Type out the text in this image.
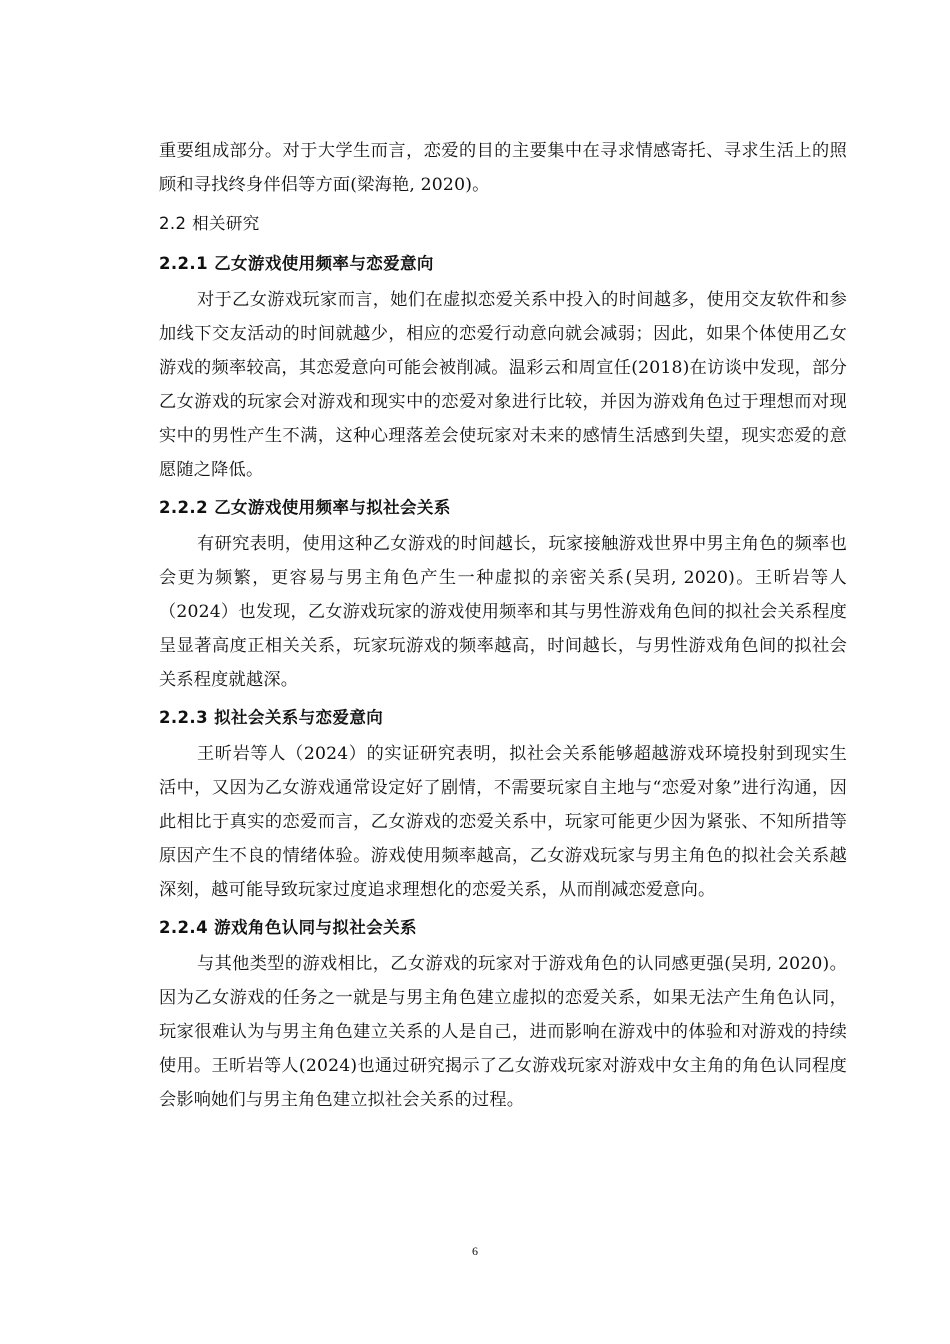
重要组成部分。对于大学生而言，恋爱的目的主要集中在寻求情感寄托、寻求生活上的照顾和寻找终身伴侣等方面(梁海艳, 2020)。

2.2 相关研究
2.2.1 乙女游戏使用频率与恋爱意向

对于乙女游戏玩家而言，她们在虚拟恋爱关系中投入的时间越多，使用交友软件和参加线下交友活动的时间就越少，相应的恋爱行动意向就会减弱；因此，如果个体使用乙女游戏的频率较高，其恋爱意向可能会被削减。温彩云和周宣任(2018)在访谈中发现，部分乙女游戏的玩家会对游戏和现实中的恋爱对象进行比较，并因为游戏角色过于理想而对现实中的男性产生不满，这种心理落差会使玩家对未来的感情生活感到失望，现实恋爱的意愿随之降低。

2.2.2 乙女游戏使用频率与拟社会关系

有研究表明，使用这种乙女游戏的时间越长，玩家接触游戏世界中男主角色的频率也会更为频繁，更容易与男主角色产生一种虚拟的亲密关系(吴玥, 2020)。王昕岩等人（2024）也发现，乙女游戏玩家的游戏使用频率和其与男性游戏角色间的拟社会关系程度呈显著高度正相关关系，玩家玩游戏的频率越高，时间越长，与男性游戏角色间的拟社会关系程度就越深。

2.2.3 拟社会关系与恋爱意向

王昕岩等人（2024）的实证研究表明，拟社会关系能够超越游戏环境投射到现实生活中，又因为乙女游戏通常设定好了剧情，不需要玩家自主地与“恋爱对象”进行沟通，因此相比于真实的恋爱而言，乙女游戏的恋爱关系中，玩家可能更少因为紧张、不知所措等原因产生不良的情绪体验。游戏使用频率越高，乙女游戏玩家与男主角色的拟社会关系越深刻，越可能导致玩家过度追求理想化的恋爱关系，从而削减恋爱意向。

2.2.4 游戏角色认同与拟社会关系

与其他类型的游戏相比，乙女游戏的玩家对于游戏角色的认同感更强(吴玥, 2020)。因为乙女游戏的任务之一就是与男主角色建立虚拟的恋爱关系，如果无法产生角色认同，玩家很难认为与男主角色建立关系的人是自己，进而影响在游戏中的体验和对游戏的持续使用。王昕岩等人(2024)也通过研究揭示了乙女游戏玩家对游戏中女主角的角色认同程度会影响她们与男主角色建立拟社会关系的过程。

6
